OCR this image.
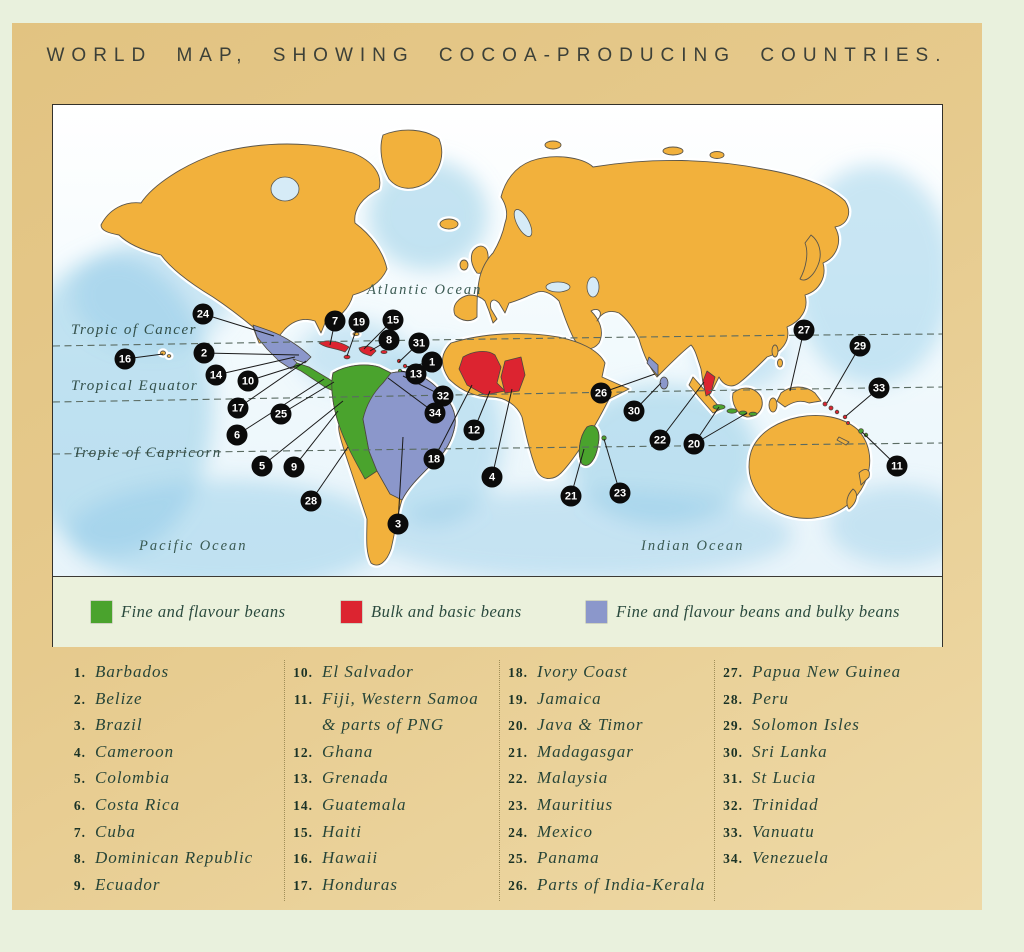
WORLD MAP, SHOWING COCOA-PRODUCING COUNTRIES.
Tropic of Cancer
Tropical Equator
Tropic of Capricorn
Atlantic Ocean
Pacific Ocean	Indian Ocean
1
2
3
4
5
6
7
8
9
10
11
12
13
14
15
16
17
18
19
20
21
22
23
24
25
26
27
28
29
30
31
32
33
34
Fine and flavour beans	Bulk and basic beans	Fine and flavour beans and bulky beans
1. Barbados
2. Belize
3. Brazil
4. Cameroon
5. Colombia
6. Costa Rica
7. Cuba
8. Dominican Republic
9. Ecuador
10. El Salvador
11. Fiji, Western Samoa
& parts of PNG
12. Ghana
13. Grenada
14. Guatemala
15. Haiti
16. Hawaii
17. Honduras
18. Ivory Coast
19. Jamaica
20. Java & Timor
21. Madagasgar
22. Malaysia
23. Mauritius
24. Mexico
25. Panama
26. Parts of India-Kerala
27. Papua New Guinea
28. Peru
29. Solomon Isles
30. Sri Lanka
31. St Lucia
32. Trinidad
33. Vanuatu
34. Venezuela
